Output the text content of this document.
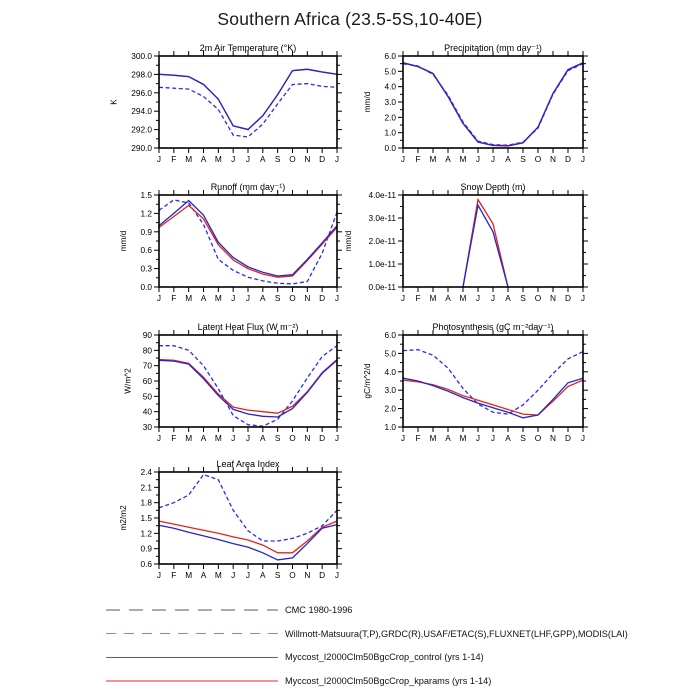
Southern Africa (23.5-5S,10-40E)
290.0
292.0
294.0
296.0
298.0
300.0
J F M A M J J A S O N D J
2m Air Temperature (°K)
K
0.0
1.0
2.0
3.0
4.0
5.0
6.0
J F M A M J J A S O N D J
Precipitation (mm day⁻¹)
mm/d
0.0
0.3
0.6
0.9
1.2
1.5
J F M A M J J A S O N D J
Runoff (mm day⁻¹)
mm/d
0.0e-11
1.0e-11
2.0e-11
3.0e-11
4.0e-11
J F M A M J J A S O N D J
Snow Depth (m)
mm/d
30
40
50
60
70
80
90
J F M A M J J A S O N D J
Latent Heat Flux (W m⁻²)
W/m^2
1.0
2.0
3.0
4.0
5.0
6.0
J F M A M J J A S O N D J
Photosynthesis (gC m⁻²day⁻¹)
gC/m^2/d
0.6
0.9
1.2
1.5
1.8
2.1
2.4
J F M A M J J A S O N D J
Leaf Area Index
m2/m2
CMC 1980-1996
Willmott-Matsuura(T,P),GRDC(R),USAF/ETAC(S),FLUXNET(LHF,GPP),MODIS(LAI)
Myccost_I2000Clm50BgcCrop_control (yrs 1-14)
Myccost_I2000Clm50BgcCrop_kparams (yrs 1-14)
